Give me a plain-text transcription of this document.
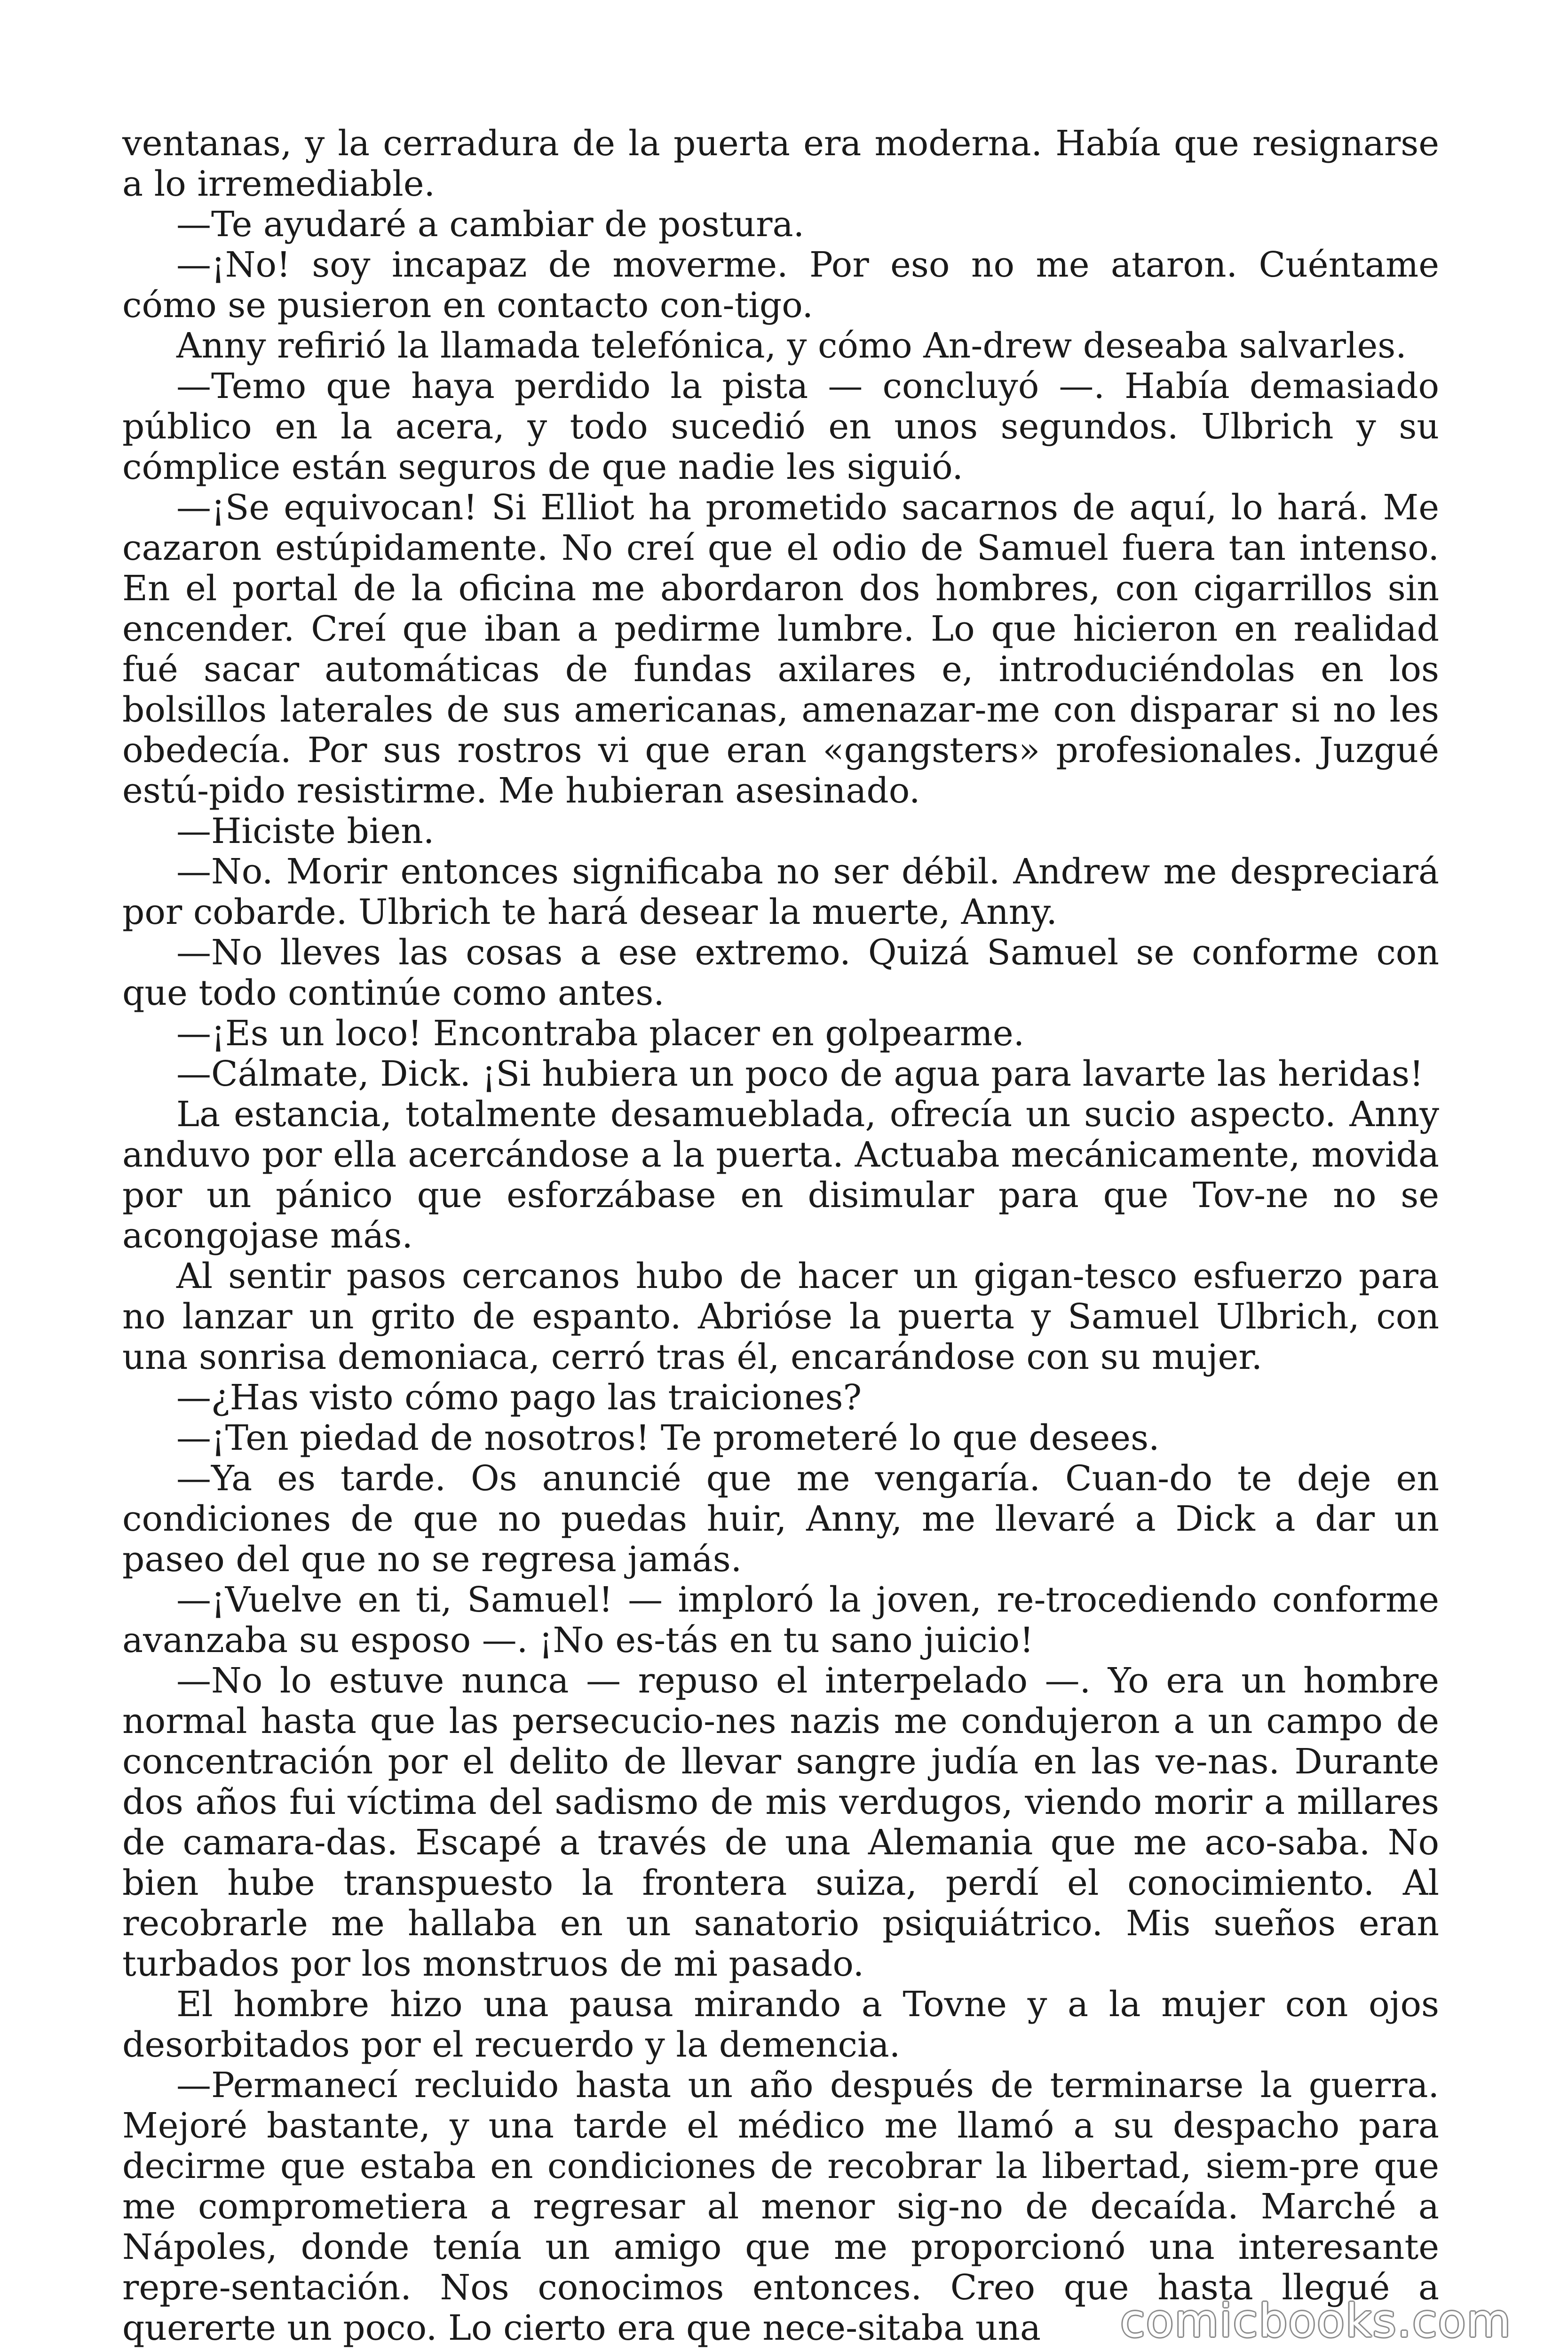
ventanas, y la cerradura de la puerta era moderna. Había que resignarse a lo irremediable.

—Te ayudaré a cambiar de postura.

—¡No! soy incapaz de moverme. Por eso no me ataron. Cuéntame cómo se pusieron en contacto con-tigo.

Anny refirió la llamada telefónica, y cómo An-drew deseaba salvarles.

—Temo que haya perdido la pista — concluyó —. Había demasiado público en la acera, y todo sucedió en unos segundos. Ulbrich y su cómplice están seguros de que nadie les siguió.

—¡Se equivocan! Si Elliot ha prometido sacarnos de aquí, lo hará. Me cazaron estúpidamente. No creí que el odio de Samuel fuera tan intenso. En el portal de la oficina me abordaron dos hombres, con cigarrillos sin encender. Creí que iban a pedirme lumbre. Lo que hicieron en realidad fué sacar automáticas de fundas axilares e, introduciéndolas en los bolsillos laterales de sus americanas, amenazar-me con disparar si no les obedecía. Por sus rostros vi que eran «gangsters» profesionales. Juzgué estú-pido resistirme. Me hubieran asesinado.

—Hiciste bien.

—No. Morir entonces significaba no ser débil. Andrew me despreciará por cobarde. Ulbrich te hará desear la muerte, Anny.

—No lleves las cosas a ese extremo. Quizá Samuel se conforme con que todo continúe como antes.

—¡Es un loco! Encontraba placer en golpearme.

—Cálmate, Dick. ¡Si hubiera un poco de agua para lavarte las heridas!

La estancia, totalmente desamueblada, ofrecía un sucio aspecto. Anny anduvo por ella acercándose a la puerta. Actuaba mecánicamente, movida por un pánico que esforzábase en disimular para que Tov-ne no se acongojase más.

Al sentir pasos cercanos hubo de hacer un gigan-tesco esfuerzo para no lanzar un grito de espanto. Abrióse la puerta y Samuel Ulbrich, con una sonrisa demoniaca, cerró tras él, encarándose con su mujer.

—¿Has visto cómo pago las traiciones?

—¡Ten piedad de nosotros! Te prometeré lo que desees.

—Ya es tarde. Os anuncié que me vengaría. Cuan-do te deje en condiciones de que no puedas huir, Anny, me llevaré a Dick a dar un paseo del que no se regresa jamás.

—¡Vuelve en ti, Samuel! — imploró la joven, re-trocediendo conforme avanzaba su esposo —. ¡No es-tás en tu sano juicio!

—No lo estuve nunca — repuso el interpelado —. Yo era un hombre normal hasta que las persecucio-nes nazis me condujeron a un campo de concentración por el delito de llevar sangre judía en las ve-nas. Durante dos años fui víctima del sadismo de mis verdugos, viendo morir a millares de camara-das. Escapé a través de una Alemania que me aco-saba. No bien hube transpuesto la frontera suiza, perdí el conocimiento. Al recobrarle me hallaba en un sanatorio psiquiátrico. Mis sueños eran turbados por los monstruos de mi pasado.

El hombre hizo una pausa mirando a Tovne y a la mujer con ojos desorbitados por el recuerdo y la demencia.

—Permanecí recluido hasta un año después de terminarse la guerra. Mejoré bastante, y una tarde el médico me llamó a su despacho para decirme que estaba en condiciones de recobrar la libertad, siem-pre que me comprometiera a regresar al menor sig-no de decaída. Marché a Nápoles, donde tenía un amigo que me proporcionó una interesante repre-sentación. Nos conocimos entonces. Creo que hasta llegué a quererte un poco. Lo cierto era que nece-sitaba una	comicbooks.com
